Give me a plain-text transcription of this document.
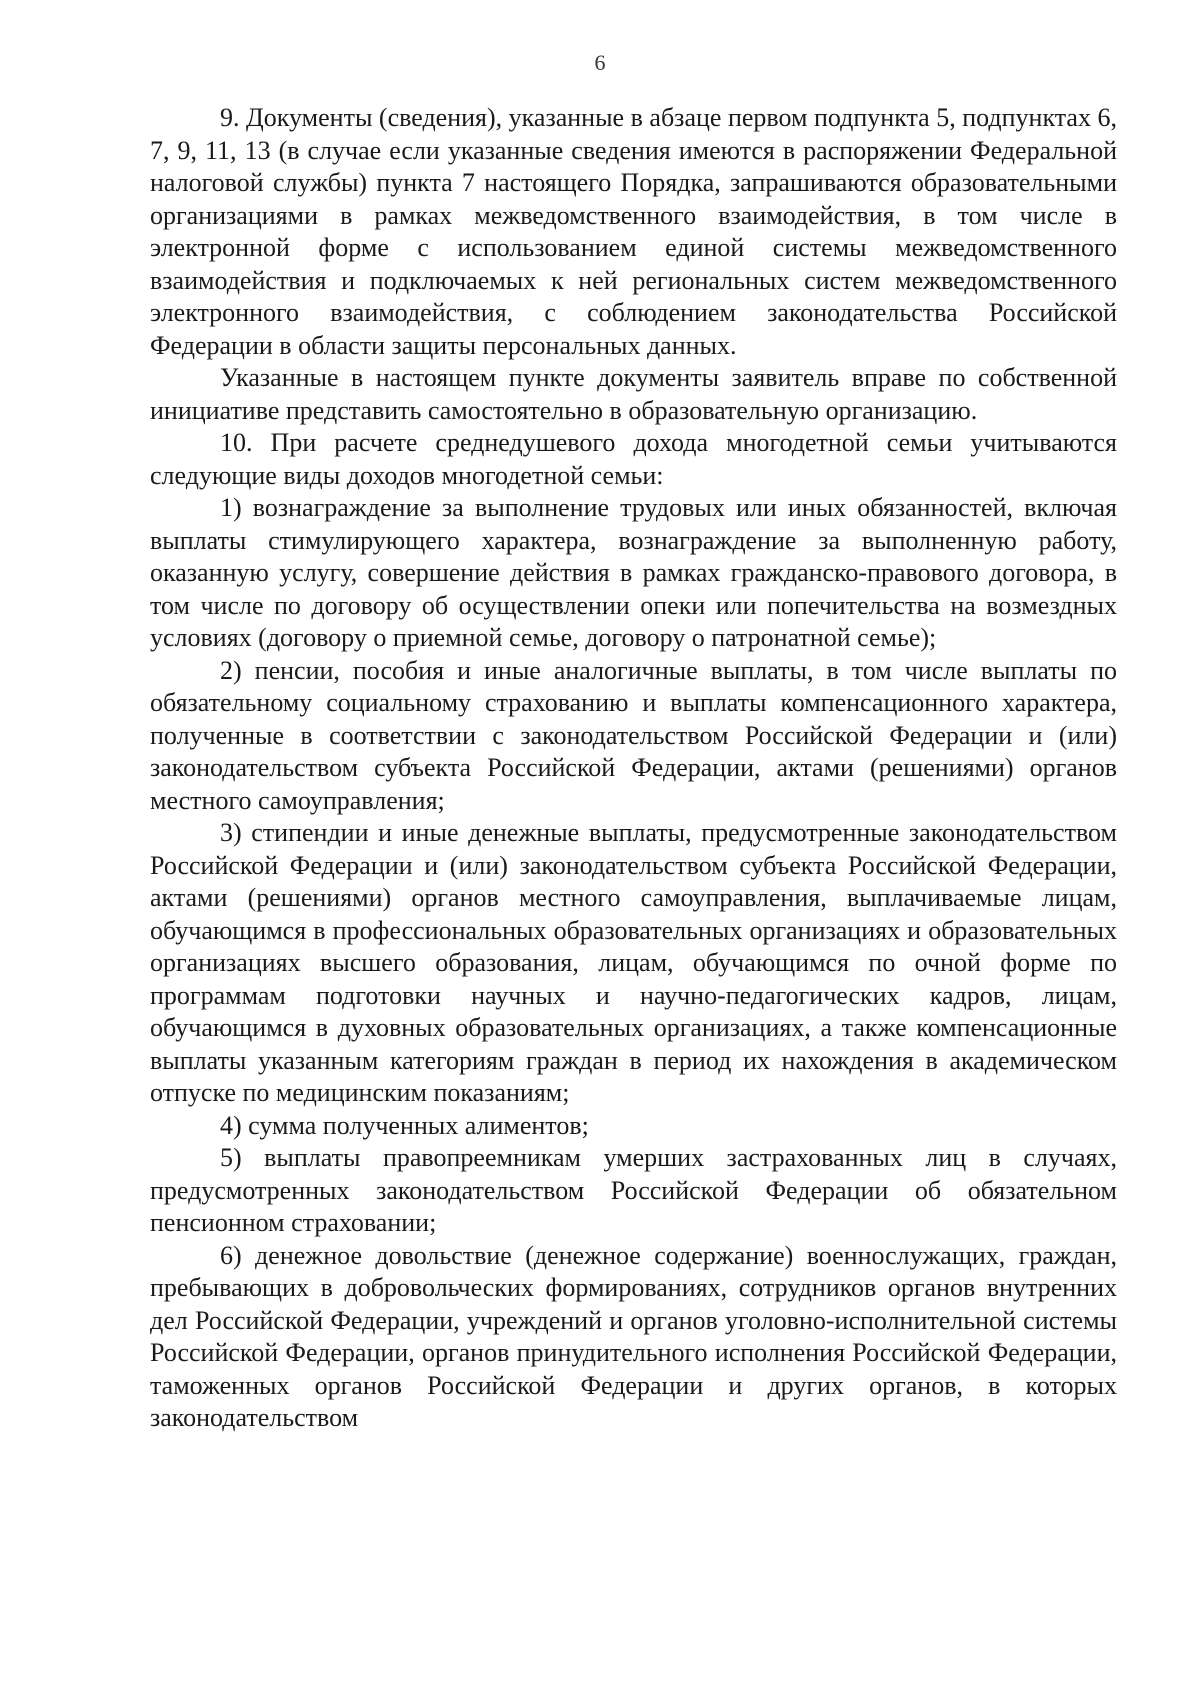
6

9. Документы (сведения), указанные в абзаце первом подпункта 5, подпунктах 6, 7, 9, 11, 13 (в случае если указанные сведения имеются в распоряжении Федеральной налоговой службы) пункта 7 настоящего Порядка, запрашиваются образовательными организациями в рамках межведомственного взаимодействия, в том числе в электронной форме с использованием единой системы межведомственного взаимодействия и подключаемых к ней региональных систем межведомственного электронного взаимодействия, с соблюдением законодательства Российской Федерации в области защиты персональных данных.

Указанные в настоящем пункте документы заявитель вправе по собственной инициативе представить самостоятельно в образовательную организацию.

10. При расчете среднедушевого дохода многодетной семьи учитываются следующие виды доходов многодетной семьи:

1) вознаграждение за выполнение трудовых или иных обязанностей, включая выплаты стимулирующего характера, вознаграждение за выполненную работу, оказанную услугу, совершение действия в рамках гражданско-правового договора, в том числе по договору об осуществлении опеки или попечительства на возмездных условиях (договору о приемной семье, договору о патронатной семье);

2) пенсии, пособия и иные аналогичные выплаты, в том числе выплаты по обязательному социальному страхованию и выплаты компенсационного характера, полученные в соответствии с законодательством Российской Федерации и (или) законодательством субъекта Российской Федерации, актами (решениями) органов местного самоуправления;

3) стипендии и иные денежные выплаты, предусмотренные законодательством Российской Федерации и (или) законодательством субъекта Российской Федерации, актами (решениями) органов местного самоуправления, выплачиваемые лицам, обучающимся в профессиональных образовательных организациях и образовательных организациях высшего образования, лицам, обучающимся по очной форме по программам подготовки научных и научно-педагогических кадров, лицам, обучающимся в духовных образовательных организациях, а также компенсационные выплаты указанным категориям граждан в период их нахождения в академическом отпуске по медицинским показаниям;

4) сумма полученных алиментов;

5) выплаты правопреемникам умерших застрахованных лиц в случаях, предусмотренных законодательством Российской Федерации об обязательном пенсионном страховании;

6) денежное довольствие (денежное содержание) военнослужащих, граждан, пребывающих в добровольческих формированиях, сотрудников органов внутренних дел Российской Федерации, учреждений и органов уголовно-исполнительной системы Российской Федерации, органов принудительного исполнения Российской Федерации, таможенных органов Российской Федерации и других органов, в которых законодательством
